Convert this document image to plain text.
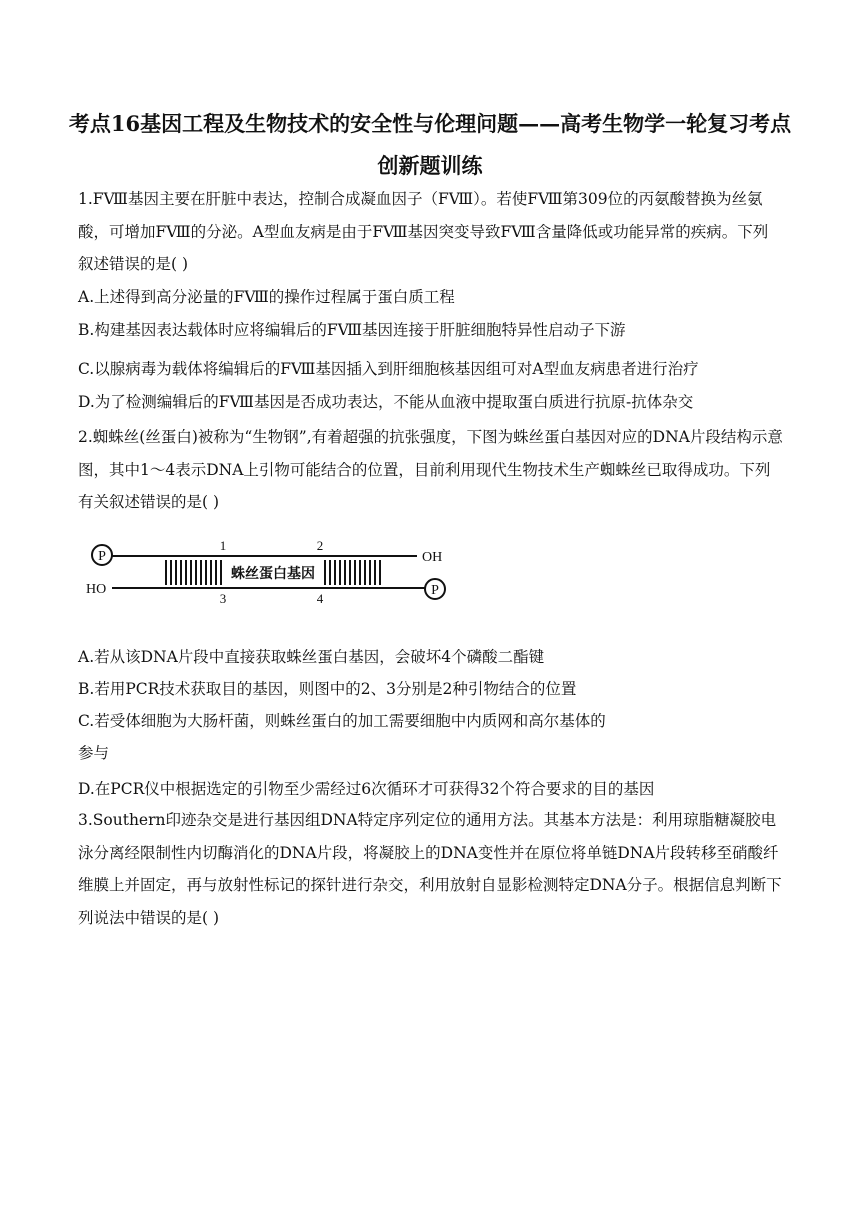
考点16基因工程及生物技术的安全性与伦理问题——高考生物学一轮复习考点创新题训练

1.FⅧ基因主要在肝脏中表达，控制合成凝血因子（FⅧ）。若使FⅧ第309位的丙氨酸替换为丝氨酸，可增加FⅧ的分泌。A型血友病是由于FⅧ基因突变导致FⅧ含量降低或功能异常的疾病。下列叙述错误的是( )

A.上述得到高分泌量的FⅧ的操作过程属于蛋白质工程

B.构建基因表达载体时应将编辑后的FⅧ基因连接于肝脏细胞特异性启动子下游

C.以腺病毒为载体将编辑后的FⅧ基因插入到肝细胞核基因组可对A型血友病患者进行治疗

D.为了检测编辑后的FⅧ基因是否成功表达，不能从血液中提取蛋白质进行抗原-抗体杂交

2.蜘蛛丝(丝蛋白)被称为“生物钢”,有着超强的抗张强度，下图为蛛丝蛋白基因对应的DNA片段结构示意图，其中1～4表示DNA上引物可能结合的位置，目前利用现代生物技术生产蜘蛛丝已取得成功。下列有关叙述错误的是( )

P
P
HO
OH
1	2
3	4
蛛丝蛋白基因

A.若从该DNA片段中直接获取蛛丝蛋白基因，会破坏4个磷酸二酯键

B.若用PCR技术获取目的基因，则图中的2、3分别是2种引物结合的位置

C.若受体细胞为大肠杆菌，则蛛丝蛋白的加工需要细胞中内质网和高尔基体的

参与

D.在PCR仪中根据选定的引物至少需经过6次循环才可获得32个符合要求的目的基因

3.Southern印迹杂交是进行基因组DNA特定序列定位的通用方法。其基本方法是：利用琼脂糖凝胶电泳分离经限制性内切酶消化的DNA片段，将凝胶上的DNA变性并在原位将单链DNA片段转移至硝酸纤维膜上并固定，再与放射性标记的探针进行杂交，利用放射自显影检测特定DNA分子。根据信息判断下列说法中错误的是( )
